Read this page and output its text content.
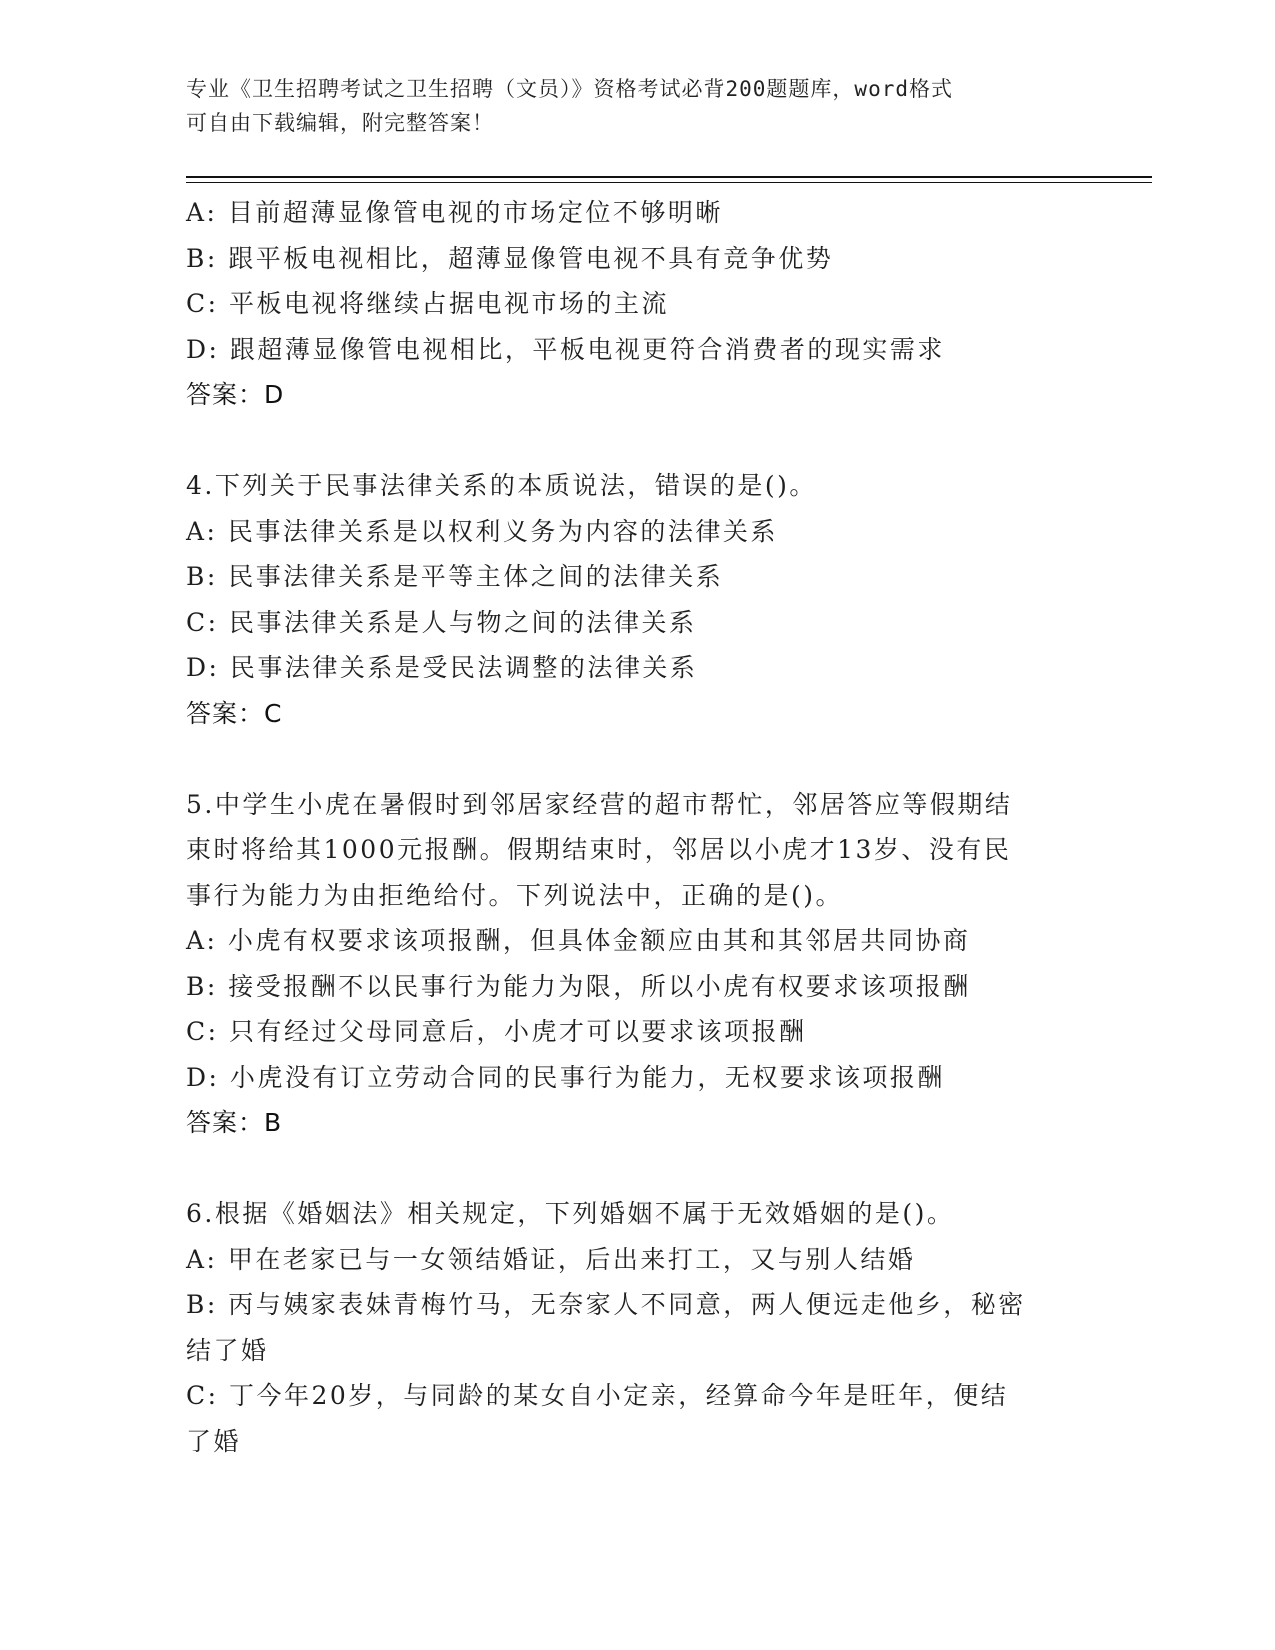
专业《卫生招聘考试之卫生招聘（文员）》资格考试必背200题题库，word格式
可自由下载编辑，附完整答案！
A: 目前超薄显像管电视的市场定位不够明晰
B: 跟平板电视相比，超薄显像管电视不具有竞争优势
C: 平板电视将继续占据电视市场的主流
D: 跟超薄显像管电视相比，平板电视更符合消费者的现实需求
答案：D
4.下列关于民事法律关系的本质说法，错误的是()。
A: 民事法律关系是以权利义务为内容的法律关系
B: 民事法律关系是平等主体之间的法律关系
C: 民事法律关系是人与物之间的法律关系
D: 民事法律关系是受民法调整的法律关系
答案：C
5.中学生小虎在暑假时到邻居家经营的超市帮忙，邻居答应等假期结
束时将给其1000元报酬。假期结束时，邻居以小虎才13岁、没有民
事行为能力为由拒绝给付。下列说法中，正确的是()。
A: 小虎有权要求该项报酬，但具体金额应由其和其邻居共同协商
B: 接受报酬不以民事行为能力为限，所以小虎有权要求该项报酬
C: 只有经过父母同意后，小虎才可以要求该项报酬
D: 小虎没有订立劳动合同的民事行为能力，无权要求该项报酬
答案：B
6.根据《婚姻法》相关规定，下列婚姻不属于无效婚姻的是()。
A: 甲在老家已与一女领结婚证，后出来打工，又与别人结婚
B: 丙与姨家表妹青梅竹马，无奈家人不同意，两人便远走他乡，秘密
结了婚
C: 丁今年20岁，与同龄的某女自小定亲，经算命今年是旺年，便结
了婚
